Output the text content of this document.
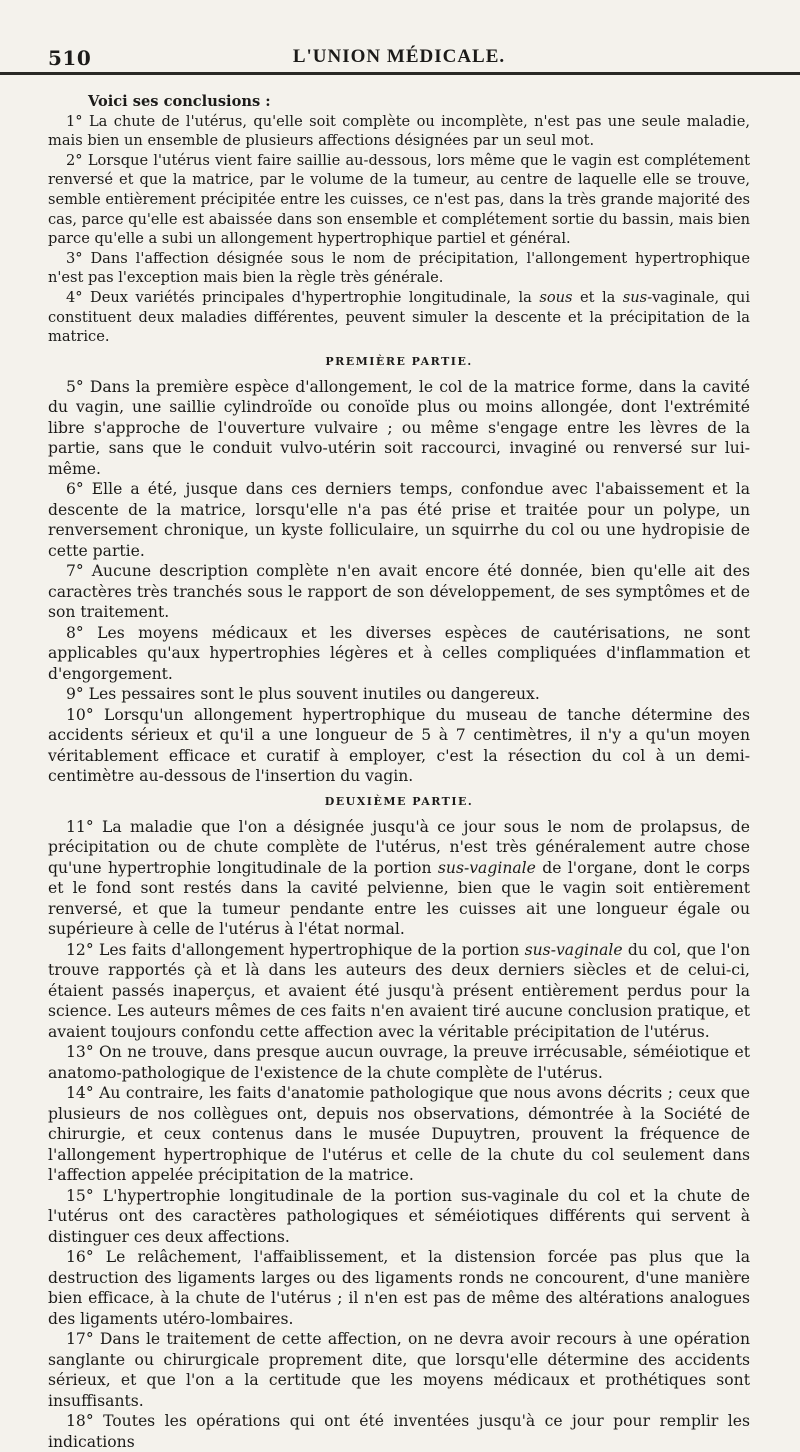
510	L'UNION MÉDICALE.

Voici ses conclusions :

1° La chute de l'utérus, qu'elle soit complète ou incomplète, n'est pas une seule maladie, mais bien un ensemble de plusieurs affections désignées par un seul mot.

2° Lorsque l'utérus vient faire saillie au-dessous, lors même que le vagin est complétement renversé et que la matrice, par le volume de la tumeur, au centre de laquelle elle se trouve, semble entièrement précipitée entre les cuisses, ce n'est pas, dans la très grande majorité des cas, parce qu'elle est abaissée dans son ensemble et complétement sortie du bassin, mais bien parce qu'elle a subi un allongement hypertrophique partiel et général.

3° Dans l'affection désignée sous le nom de précipitation, l'allongement hypertrophique n'est pas l'exception mais bien la règle très générale.

4° Deux variétés principales d'hypertrophie longitudinale, la sous et la sus-vaginale, qui constituent deux maladies différentes, peuvent simuler la descente et la précipitation de la matrice.

PREMIÈRE PARTIE.

5° Dans la première espèce d'allongement, le col de la matrice forme, dans la cavité du vagin, une saillie cylindroïde ou conoïde plus ou moins allongée, dont l'extrémité libre s'approche de l'ouverture vulvaire ; ou même s'engage entre les lèvres de la partie, sans que le conduit vulvo-utérin soit raccourci, invaginé ou renversé sur lui-même.

6° Elle a été, jusque dans ces derniers temps, confondue avec l'abaissement et la descente de la matrice, lorsqu'elle n'a pas été prise et traitée pour un polype, un renversement chronique, un kyste folliculaire, un squirrhe du col ou une hydropisie de cette partie.

7° Aucune description complète n'en avait encore été donnée, bien qu'elle ait des caractères très tranchés sous le rapport de son développement, de ses symptômes et de son traitement.

8° Les moyens médicaux et les diverses espèces de cautérisations, ne sont applicables qu'aux hypertrophies légères et à celles compliquées d'inflammation et d'engorgement.

9° Les pessaires sont le plus souvent inutiles ou dangereux.

10° Lorsqu'un allongement hypertrophique du museau de tanche détermine des accidents sérieux et qu'il a une longueur de 5 à 7 centimètres, il n'y a qu'un moyen véritablement efficace et curatif à employer, c'est la résection du col à un demi-centimètre au-dessous de l'insertion du vagin.

DEUXIÈME PARTIE.

11° La maladie que l'on a désignée jusqu'à ce jour sous le nom de prolapsus, de précipitation ou de chute complète de l'utérus, n'est très généralement autre chose qu'une hypertrophie longitudinale de la portion sus-vaginale de l'organe, dont le corps et le fond sont restés dans la cavité pelvienne, bien que le vagin soit entièrement renversé, et que la tumeur pendante entre les cuisses ait une longueur égale ou supérieure à celle de l'utérus à l'état normal.

12° Les faits d'allongement hypertrophique de la portion sus-vaginale du col, que l'on trouve rapportés çà et là dans les auteurs des deux derniers siècles et de celui-ci, étaient passés inaperçus, et avaient été jusqu'à présent entièrement perdus pour la science. Les auteurs mêmes de ces faits n'en avaient tiré aucune conclusion pratique, et avaient toujours confondu cette affection avec la véritable précipitation de l'utérus.

13° On ne trouve, dans presque aucun ouvrage, la preuve irrécusable, séméiotique et anatomo-pathologique de l'existence de la chute complète de l'utérus.

14° Au contraire, les faits d'anatomie pathologique que nous avons décrits ; ceux que plusieurs de nos collègues ont, depuis nos observations, démontrée à la Société de chirurgie, et ceux contenus dans le musée Dupuytren, prouvent la fréquence de l'allongement hypertrophique de l'utérus et celle de la chute du col seulement dans l'affection appelée précipitation de la matrice.

15° L'hypertrophie longitudinale de la portion sus-vaginale du col et la chute de l'utérus ont des caractères pathologiques et séméiotiques différents qui servent à distinguer ces deux affections.

16° Le relâchement, l'affaiblissement, et la distension forcée pas plus que la destruction des ligaments larges ou des ligaments ronds ne concourent, d'une manière bien efficace, à la chute de l'utérus ; il n'en est pas de même des altérations analogues des ligaments utéro-lombaires.

17° Dans le traitement de cette affection, on ne devra avoir recours à une opération sanglante ou chirurgicale proprement dite, que lorsqu'elle détermine des accidents sérieux, et que l'on a la certitude que les moyens médicaux et prothétiques sont insuffisants.

18° Toutes les opérations qui ont été inventées jusqu'à ce jour pour remplir les indications
